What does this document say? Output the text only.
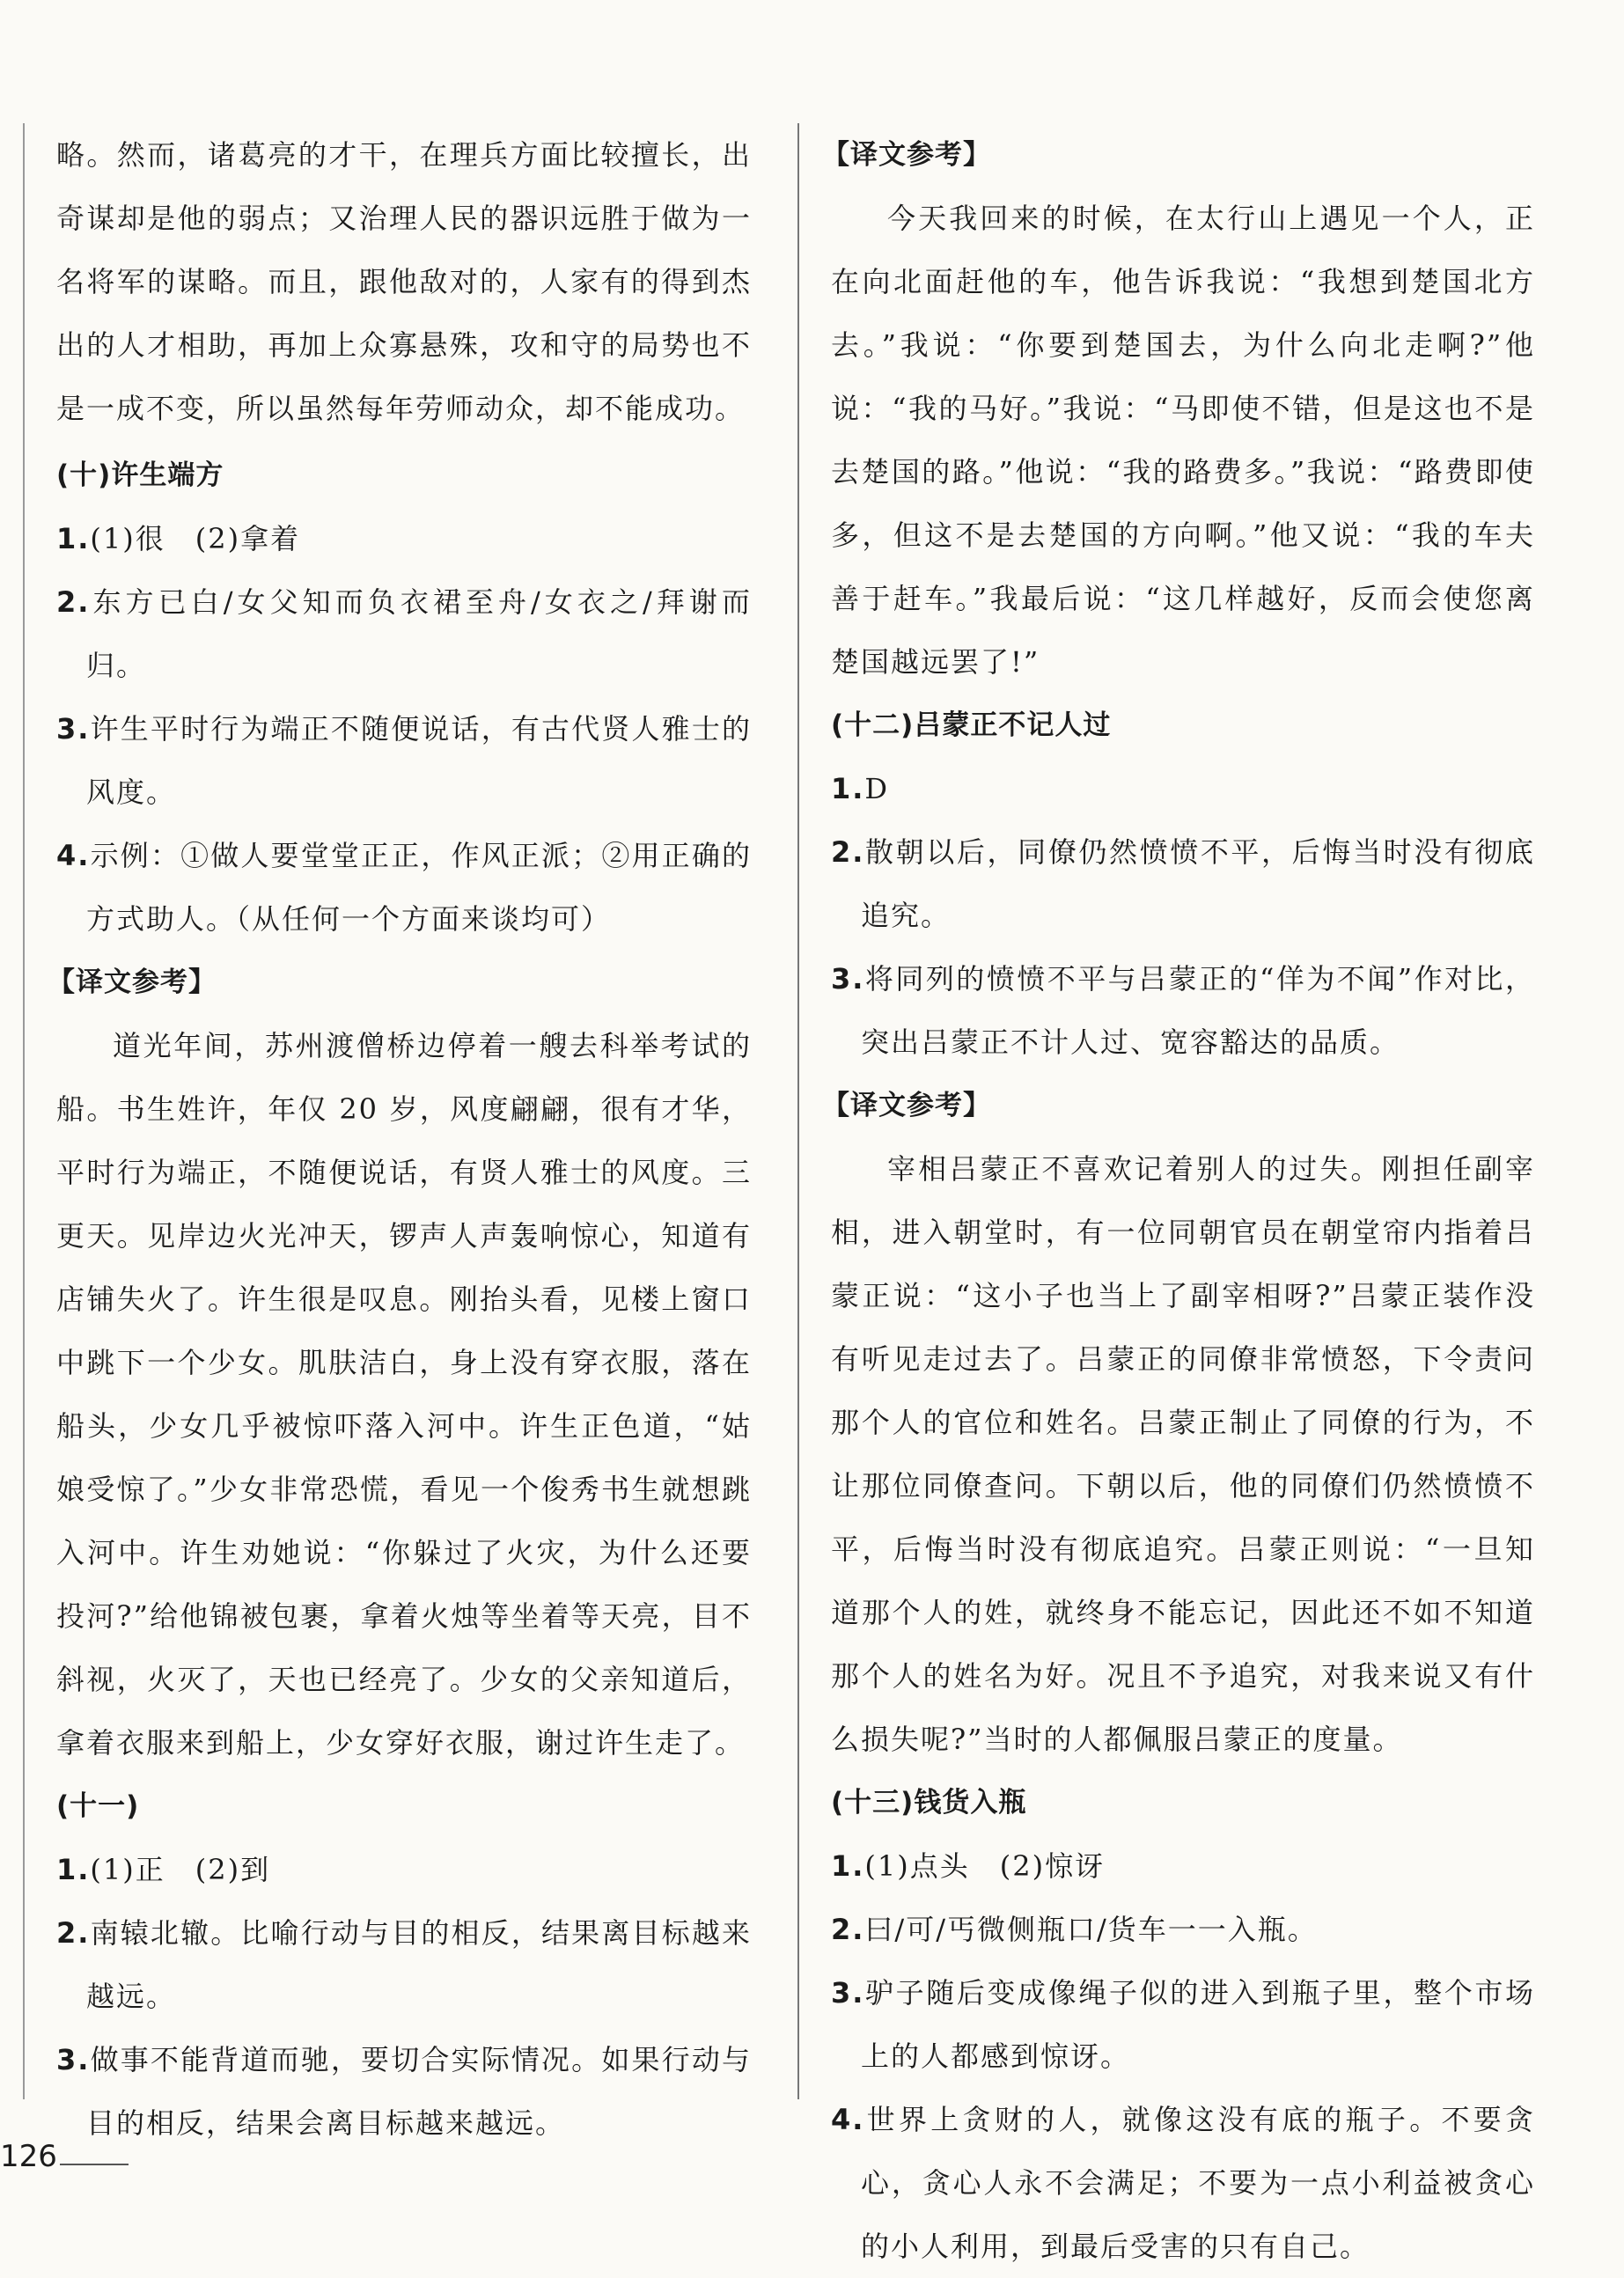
略。然而，诸葛亮的才干，在理兵方面比较擅长，出奇谋却是他的弱点；又治理人民的器识远胜于做为一名将军的谋略。而且，跟他敌对的，人家有的得到杰出的人才相助，再加上众寡悬殊，攻和守的局势也不是一成不变，所以虽然每年劳师动众，却不能成功。

(十)许生端方

1.(1)很　(2)拿着

2.东方已白/女父知而负衣裙至舟/女衣之/拜谢而归。

3.许生平时行为端正不随便说话，有古代贤人雅士的风度。

4.示例：①做人要堂堂正正，作风正派；②用正确的方式助人。（从任何一个方面来谈均可）

【译文参考】

道光年间，苏州渡僧桥边停着一艘去科举考试的船。书生姓许，年仅 20 岁，风度翩翩，很有才华，平时行为端正，不随便说话，有贤人雅士的风度。三更天。见岸边火光冲天，锣声人声轰响惊心，知道有店铺失火了。许生很是叹息。刚抬头看，见楼上窗口中跳下一个少女。肌肤洁白，身上没有穿衣服，落在船头，少女几乎被惊吓落入河中。许生正色道，“姑娘受惊了。”少女非常恐慌，看见一个俊秀书生就想跳入河中。许生劝她说：“你躲过了火灾，为什么还要投河?”给他锦被包裹，拿着火烛等坐着等天亮，目不斜视，火灭了，天也已经亮了。少女的父亲知道后，拿着衣服来到船上，少女穿好衣服，谢过许生走了。

(十一)

1.(1)正　(2)到

2.南辕北辙。比喻行动与目的相反，结果离目标越来越远。

3.做事不能背道而驰，要切合实际情况。如果行动与目的相反，结果会离目标越来越远。

【译文参考】

今天我回来的时候，在太行山上遇见一个人，正在向北面赶他的车，他告诉我说：“我想到楚国北方去。”我说：“你要到楚国去，为什么向北走啊?”他说：“我的马好。”我说：“马即使不错，但是这也不是去楚国的路。”他说：“我的路费多。”我说：“路费即使多，但这不是去楚国的方向啊。”他又说：“我的车夫善于赶车。”我最后说：“这几样越好，反而会使您离楚国越远罢了!”

(十二)吕蒙正不记人过

1.D

2.散朝以后，同僚仍然愤愤不平，后悔当时没有彻底追究。

3.将同列的愤愤不平与吕蒙正的“佯为不闻”作对比，突出吕蒙正不计人过、宽容豁达的品质。

【译文参考】

宰相吕蒙正不喜欢记着别人的过失。刚担任副宰相，进入朝堂时，有一位同朝官员在朝堂帘内指着吕蒙正说：“这小子也当上了副宰相呀?”吕蒙正装作没有听见走过去了。吕蒙正的同僚非常愤怒，下令责问那个人的官位和姓名。吕蒙正制止了同僚的行为，不让那位同僚查问。下朝以后，他的同僚们仍然愤愤不平，后悔当时没有彻底追究。吕蒙正则说：“一旦知道那个人的姓，就终身不能忘记，因此还不如不知道那个人的姓名为好。况且不予追究，对我来说又有什么损失呢?”当时的人都佩服吕蒙正的度量。

(十三)钱货入瓶

1.(1)点头　(2)惊讶

2.曰/可/丐微侧瓶口/货车一一入瓶。

3.驴子随后变成像绳子似的进入到瓶子里，整个市场上的人都感到惊讶。

4.世界上贪财的人，就像这没有底的瓶子。不要贪心，贪心人永不会满足；不要为一点小利益被贪心的小人利用，到最后受害的只有自己。

126
